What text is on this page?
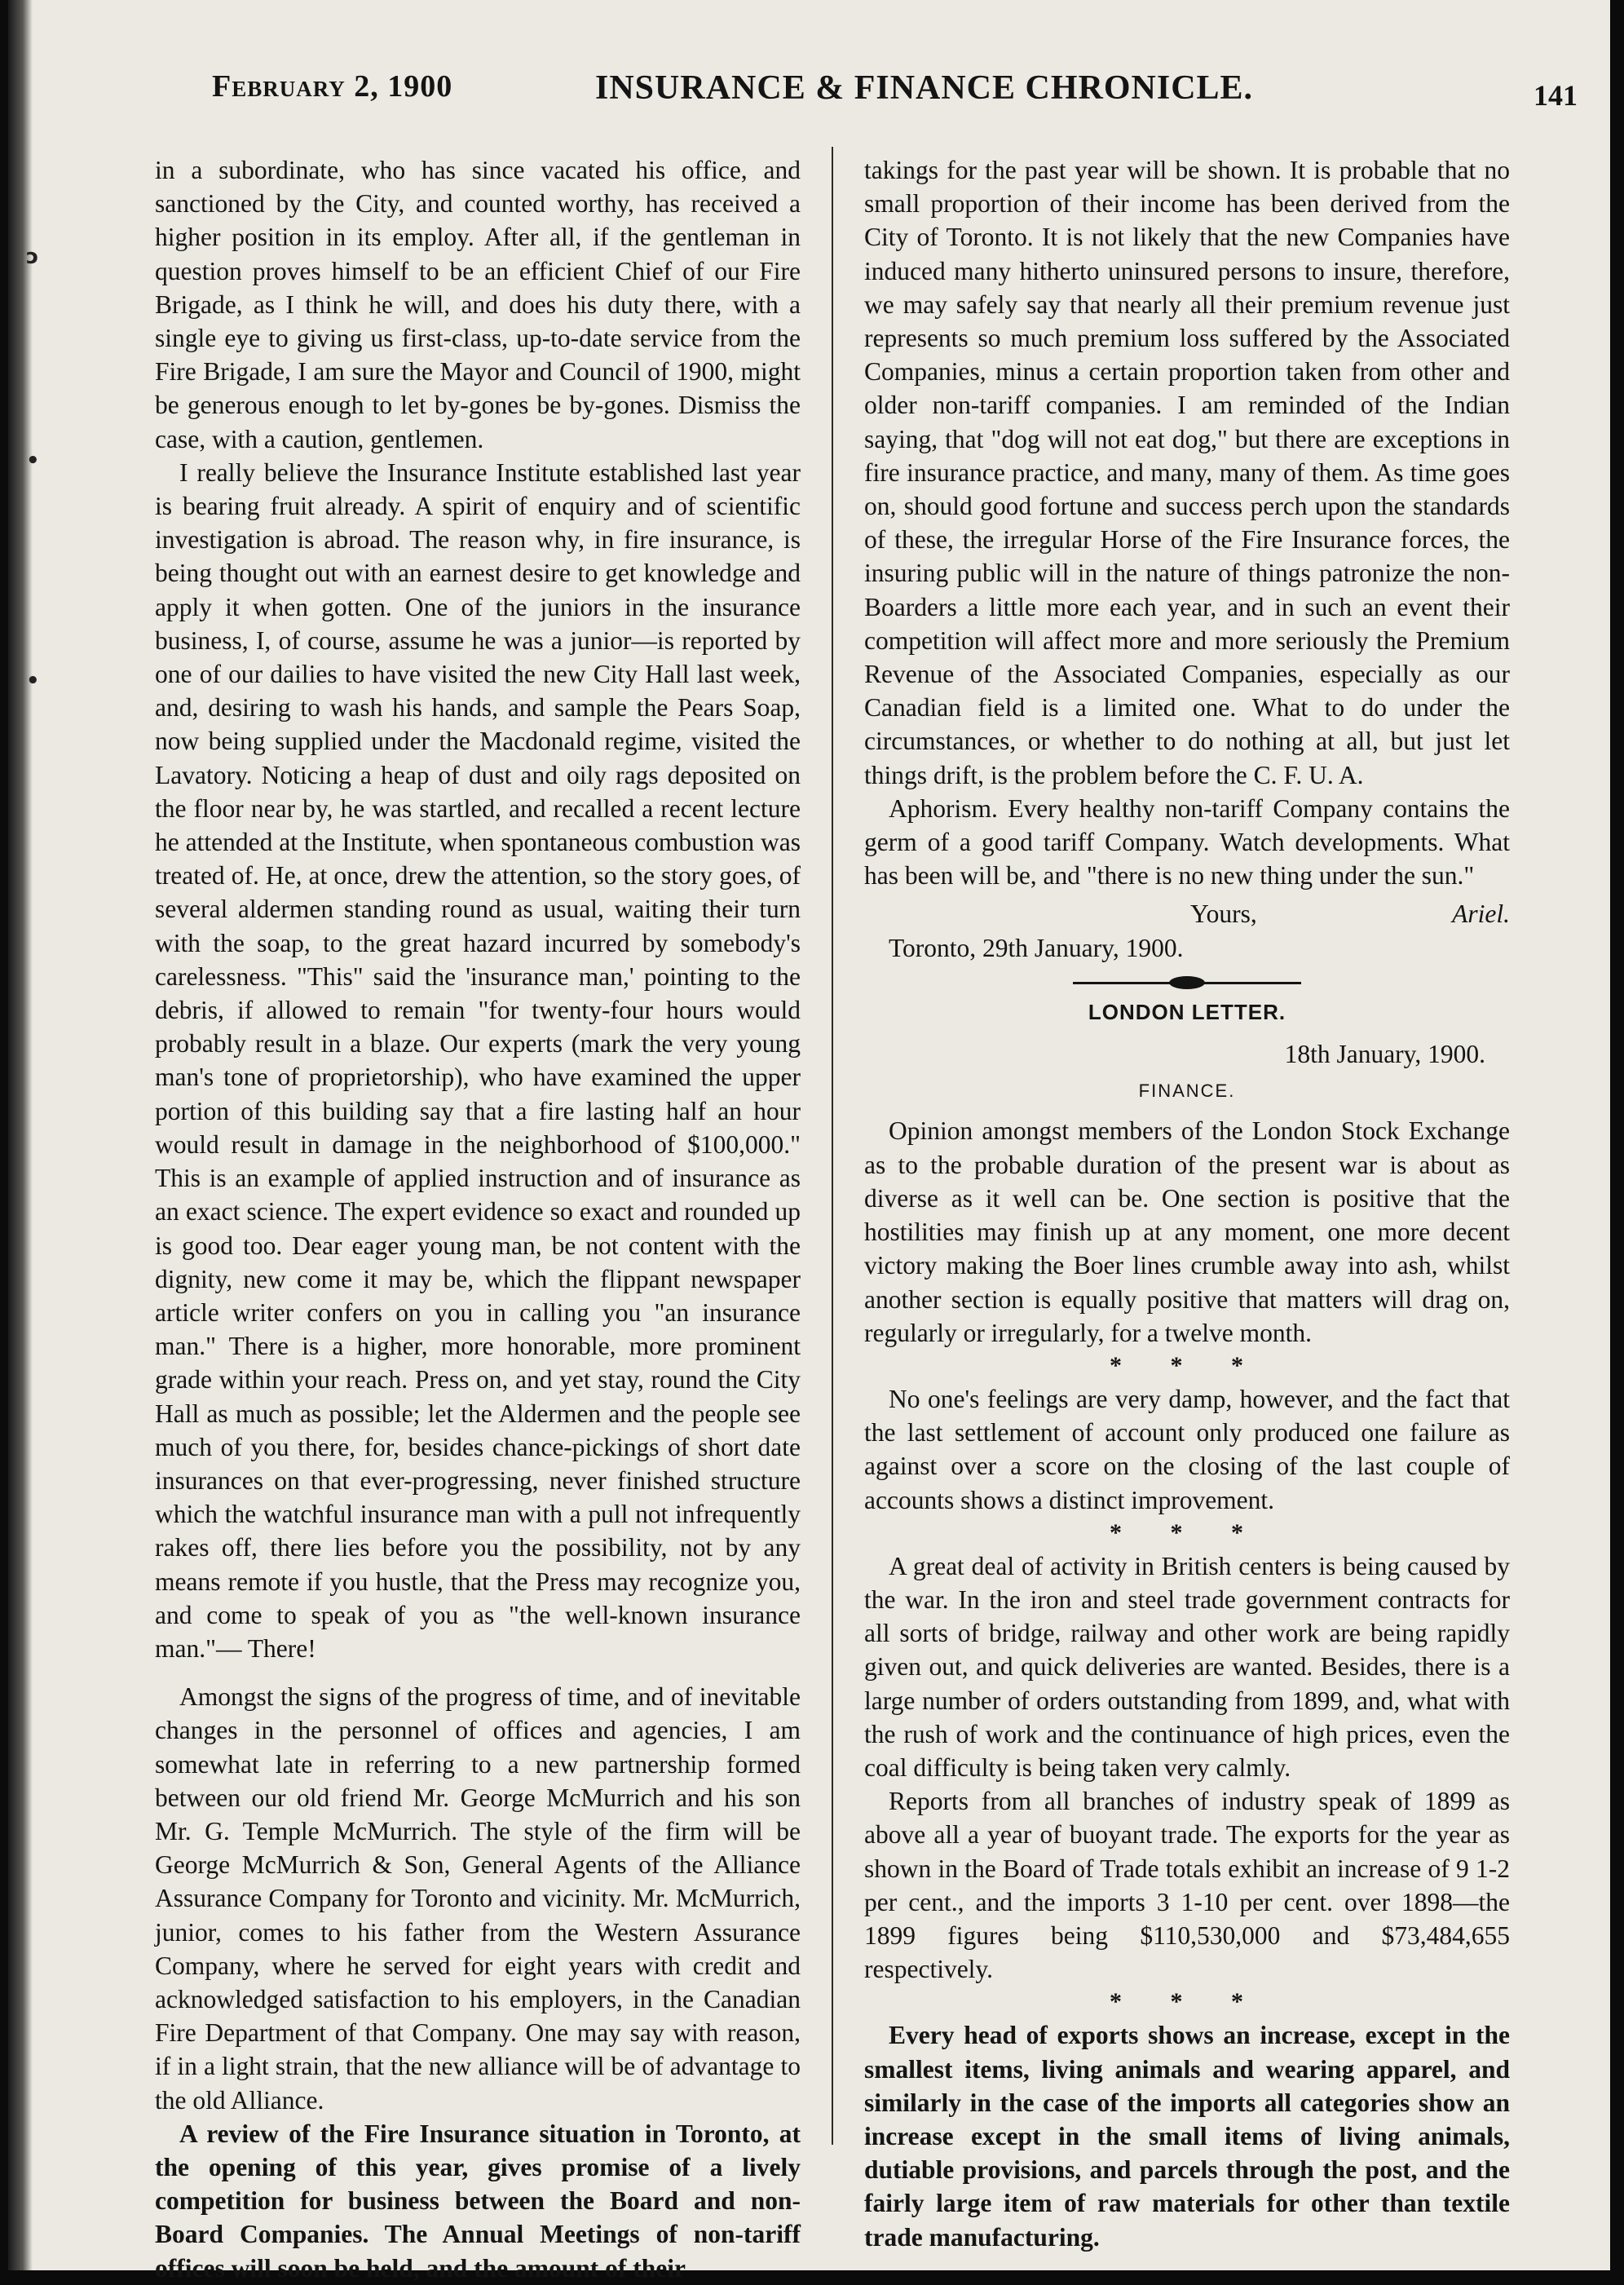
ↄ
•
•
February 2, 1900	INSURANCE & FINANCE CHRONICLE.	141

in a subordinate, who has since vacated his office, and sanctioned by the City, and counted worthy, has received a higher position in its employ. After all, if the gentleman in question proves himself to be an efficient Chief of our Fire Brigade, as I think he will, and does his duty there, with a single eye to giving us first-class, up-to-date service from the Fire Brigade, I am sure the Mayor and Council of 1900, might be generous enough to let by-gones be by-gones. Dismiss the case, with a caution, gentlemen.

I really believe the Insurance Institute established last year is bearing fruit already. A spirit of enquiry and of scientific investigation is abroad. The reason why, in fire insurance, is being thought out with an earnest desire to get knowledge and apply it when gotten. One of the juniors in the insurance business, I, of course, assume he was a junior—is reported by one of our dailies to have visited the new City Hall last week, and, desiring to wash his hands, and sample the Pears Soap, now being supplied under the Macdonald regime, visited the Lavatory. Noticing a heap of dust and oily rags deposited on the floor near by, he was startled, and recalled a recent lecture he attended at the Institute, when spontaneous combustion was treated of. He, at once, drew the attention, so the story goes, of several aldermen standing round as usual, waiting their turn with the soap, to the great hazard incurred by somebody's carelessness. "This" said the 'insurance man,' pointing to the debris, if allowed to remain "for twenty-four hours would probably result in a blaze. Our experts (mark the very young man's tone of proprietorship), who have examined the upper portion of this building say that a fire lasting half an hour would result in damage in the neighborhood of $100,000." This is an example of applied instruction and of insurance as an exact science. The expert evidence so exact and rounded up is good too. Dear eager young man, be not content with the dignity, new come it may be, which the flippant newspaper article writer confers on you in calling you "an insurance man." There is a higher, more honorable, more prominent grade within your reach. Press on, and yet stay, round the City Hall as much as possible; let the Aldermen and the people see much of you there, for, besides chance-pickings of short date insurances on that ever-progressing, never finished structure which the watchful insurance man with a pull not infrequently rakes off, there lies before you the possibility, not by any means remote if you hustle, that the Press may recognize you, and come to speak of you as "the well-known insurance man."— There!

Amongst the signs of the progress of time, and of inevitable changes in the personnel of offices and agencies, I am somewhat late in referring to a new partnership formed between our old friend Mr. George McMurrich and his son Mr. G. Temple McMurrich. The style of the firm will be George McMurrich & Son, General Agents of the Alliance Assurance Company for Toronto and vicinity. Mr. McMurrich, junior, comes to his father from the Western Assurance Company, where he served for eight years with credit and acknowledged satisfaction to his employers, in the Canadian Fire Department of that Company. One may say with reason, if in a light strain, that the new alliance will be of advantage to the old Alliance.

A review of the Fire Insurance situation in Toronto, at the opening of this year, gives promise of a lively competition for business between the Board and non-Board Companies. The Annual Meetings of non-tariff offices will soon be held, and the amount of their

takings for the past year will be shown. It is probable that no small proportion of their income has been derived from the City of Toronto. It is not likely that the new Companies have induced many hitherto uninsured persons to insure, therefore, we may safely say that nearly all their premium revenue just represents so much premium loss suffered by the Associated Companies, minus a certain proportion taken from other and older non-tariff companies. I am reminded of the Indian saying, that "dog will not eat dog," but there are exceptions in fire insurance practice, and many, many of them. As time goes on, should good fortune and success perch upon the standards of these, the irregular Horse of the Fire Insurance forces, the insuring public will in the nature of things patronize the non-Boarders a little more each year, and in such an event their competition will affect more and more seriously the Premium Revenue of the Associated Companies, especially as our Canadian field is a limited one. What to do under the circumstances, or whether to do nothing at all, but just let things drift, is the problem before the C. F. U. A.

Aphorism. Every healthy non-tariff Company contains the germ of a good tariff Company. Watch developments. What has been will be, and "there is no new thing under the sun."

Yours,	Ariel.
Toronto, 29th January, 1900.
LONDON LETTER.
18th January, 1900.
FINANCE.

Opinion amongst members of the London Stock Exchange as to the probable duration of the present war is about as diverse as it well can be. One section is positive that the hostilities may finish up at any moment, one more decent victory making the Boer lines crumble away into ash, whilst another section is equally positive that matters will drag on, regularly or irregularly, for a twelve month.

* * *

No one's feelings are very damp, however, and the fact that the last settlement of account only produced one failure as against over a score on the closing of the last couple of accounts shows a distinct improvement.

* * *

A great deal of activity in British centers is being caused by the war. In the iron and steel trade government contracts for all sorts of bridge, railway and other work are being rapidly given out, and quick deliveries are wanted. Besides, there is a large number of orders outstanding from 1899, and, what with the rush of work and the continuance of high prices, even the coal difficulty is being taken very calmly.

Reports from all branches of industry speak of 1899 as above all a year of buoyant trade. The exports for the year as shown in the Board of Trade totals exhibit an increase of 9 1-2 per cent., and the imports 3 1-10 per cent. over 1898—the 1899 figures being $110,530,000 and $73,484,655 respectively.

* * *

Every head of exports shows an increase, except in the smallest items, living animals and wearing apparel, and similarly in the case of the imports all categories show an increase except in the small items of living animals, dutiable provisions, and parcels through the post, and the fairly large item of raw materials for other than textile trade manufacturing.
